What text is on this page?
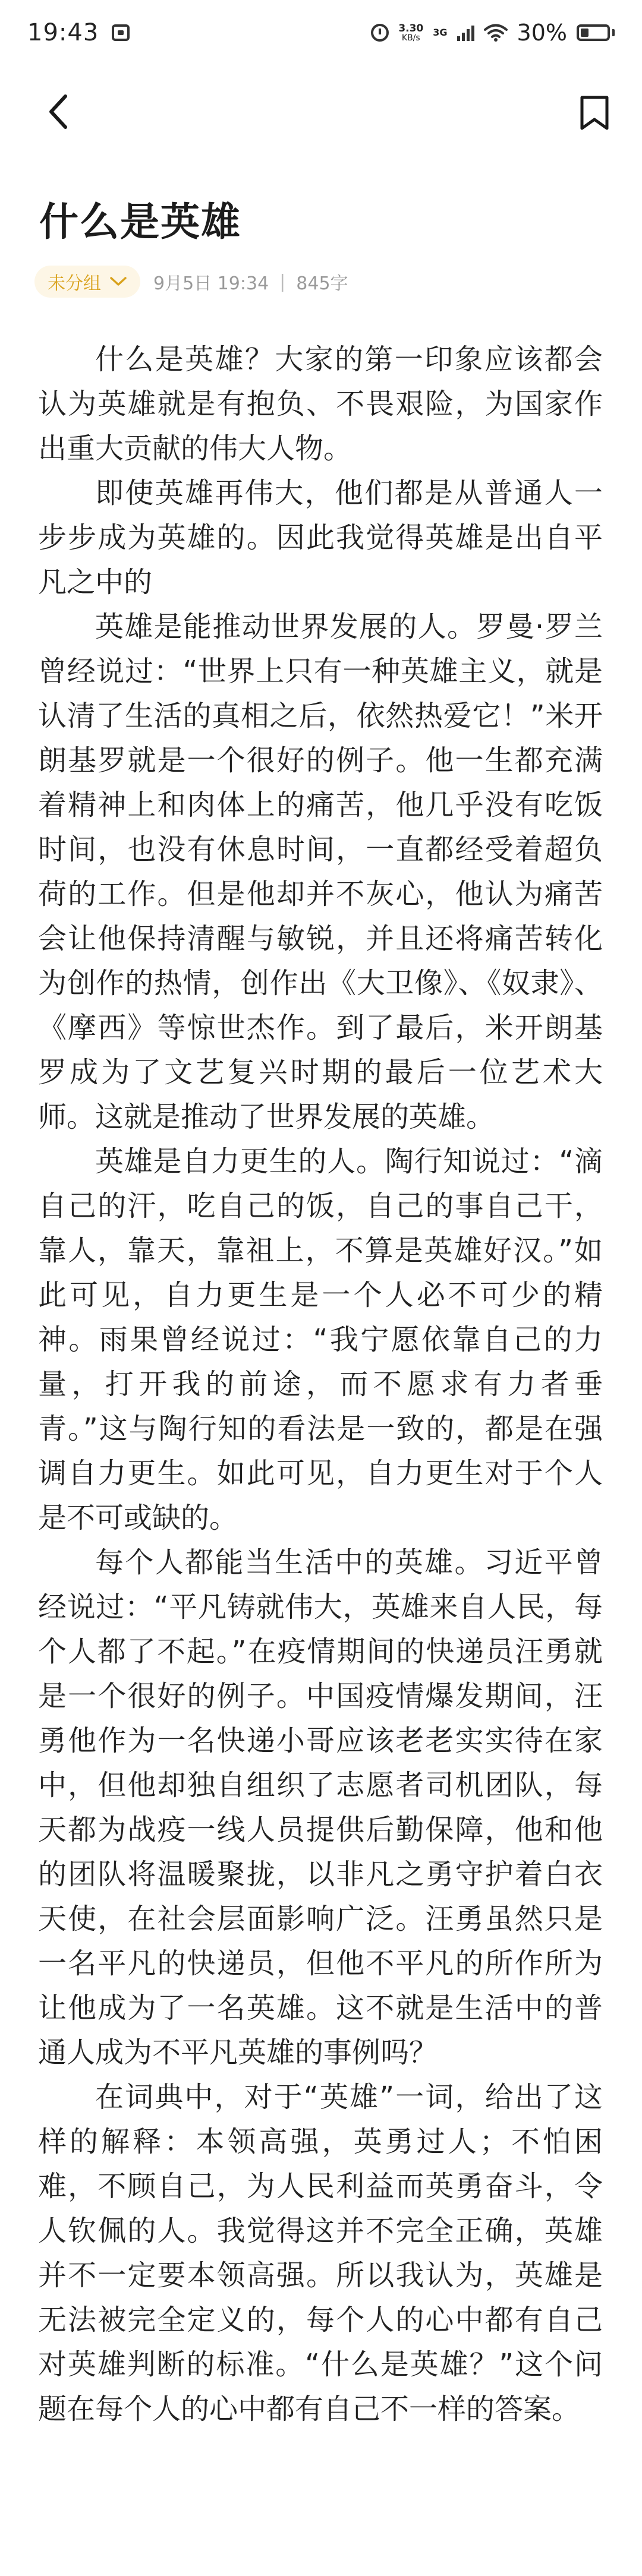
19:43	3.30
KB/s 3G	30%
什么是英雄
未分组	9月5日 19:34 | 845字

什么是英雄？大家的第一印象应该都会认为英雄就是有抱负、不畏艰险，为国家作出重大贡献的伟大人物。

即使英雄再伟大，他们都是从普通人一步步成为英雄的。因此我觉得英雄是出自平凡之中的

英雄是能推动世界发展的人。罗曼·罗兰曾经说过：“世界上只有一种英雄主义，就是认清了生活的真相之后，依然热爱它！”米开朗基罗就是一个很好的例子。他一生都充满着精神上和肉体上的痛苦，他几乎没有吃饭时间，也没有休息时间，一直都经受着超负荷的工作。但是他却并不灰心，他认为痛苦会让他保持清醒与敏锐，并且还将痛苦转化为创作的热情，创作出《大卫像》、《奴隶》、《摩西》等惊世杰作。到了最后，米开朗基罗成为了文艺复兴时期的最后一位艺术大师。这就是推动了世界发展的英雄。

英雄是自力更生的人。陶行知说过：“滴自己的汗，吃自己的饭，自己的事自己干，靠人，靠天，靠祖上，不算是英雄好汉。”如此可见，自力更生是一个人必不可少的精神。雨果曾经说过：“我宁愿依靠自己的力量，打开我的前途，而不愿求有力者垂青。”这与陶行知的看法是一致的，都是在强调自力更生。如此可见，自力更生对于个人是不可或缺的。

每个人都能当生活中的英雄。习近平曾经说过：“平凡铸就伟大，英雄来自人民，每个人都了不起。”在疫情期间的快递员汪勇就是一个很好的例子。中国疫情爆发期间，汪勇他作为一名快递小哥应该老老实实待在家中，但他却独自组织了志愿者司机团队，每天都为战疫一线人员提供后勤保障，他和他的团队将温暖聚拢，以非凡之勇守护着白衣天使，在社会层面影响广泛。汪勇虽然只是一名平凡的快递员，但他不平凡的所作所为让他成为了一名英雄。这不就是生活中的普通人成为不平凡英雄的事例吗？

在词典中，对于“英雄”一词，给出了这样的解释：本领高强，英勇过人；不怕困难，不顾自己，为人民利益而英勇奋斗，令人钦佩的人。我觉得这并不完全正确，英雄并不一定要本领高强。所以我认为，英雄是无法被完全定义的，每个人的心中都有自己对英雄判断的标准。“什么是英雄？”这个问题在每个人的心中都有自己不一样的答案。
